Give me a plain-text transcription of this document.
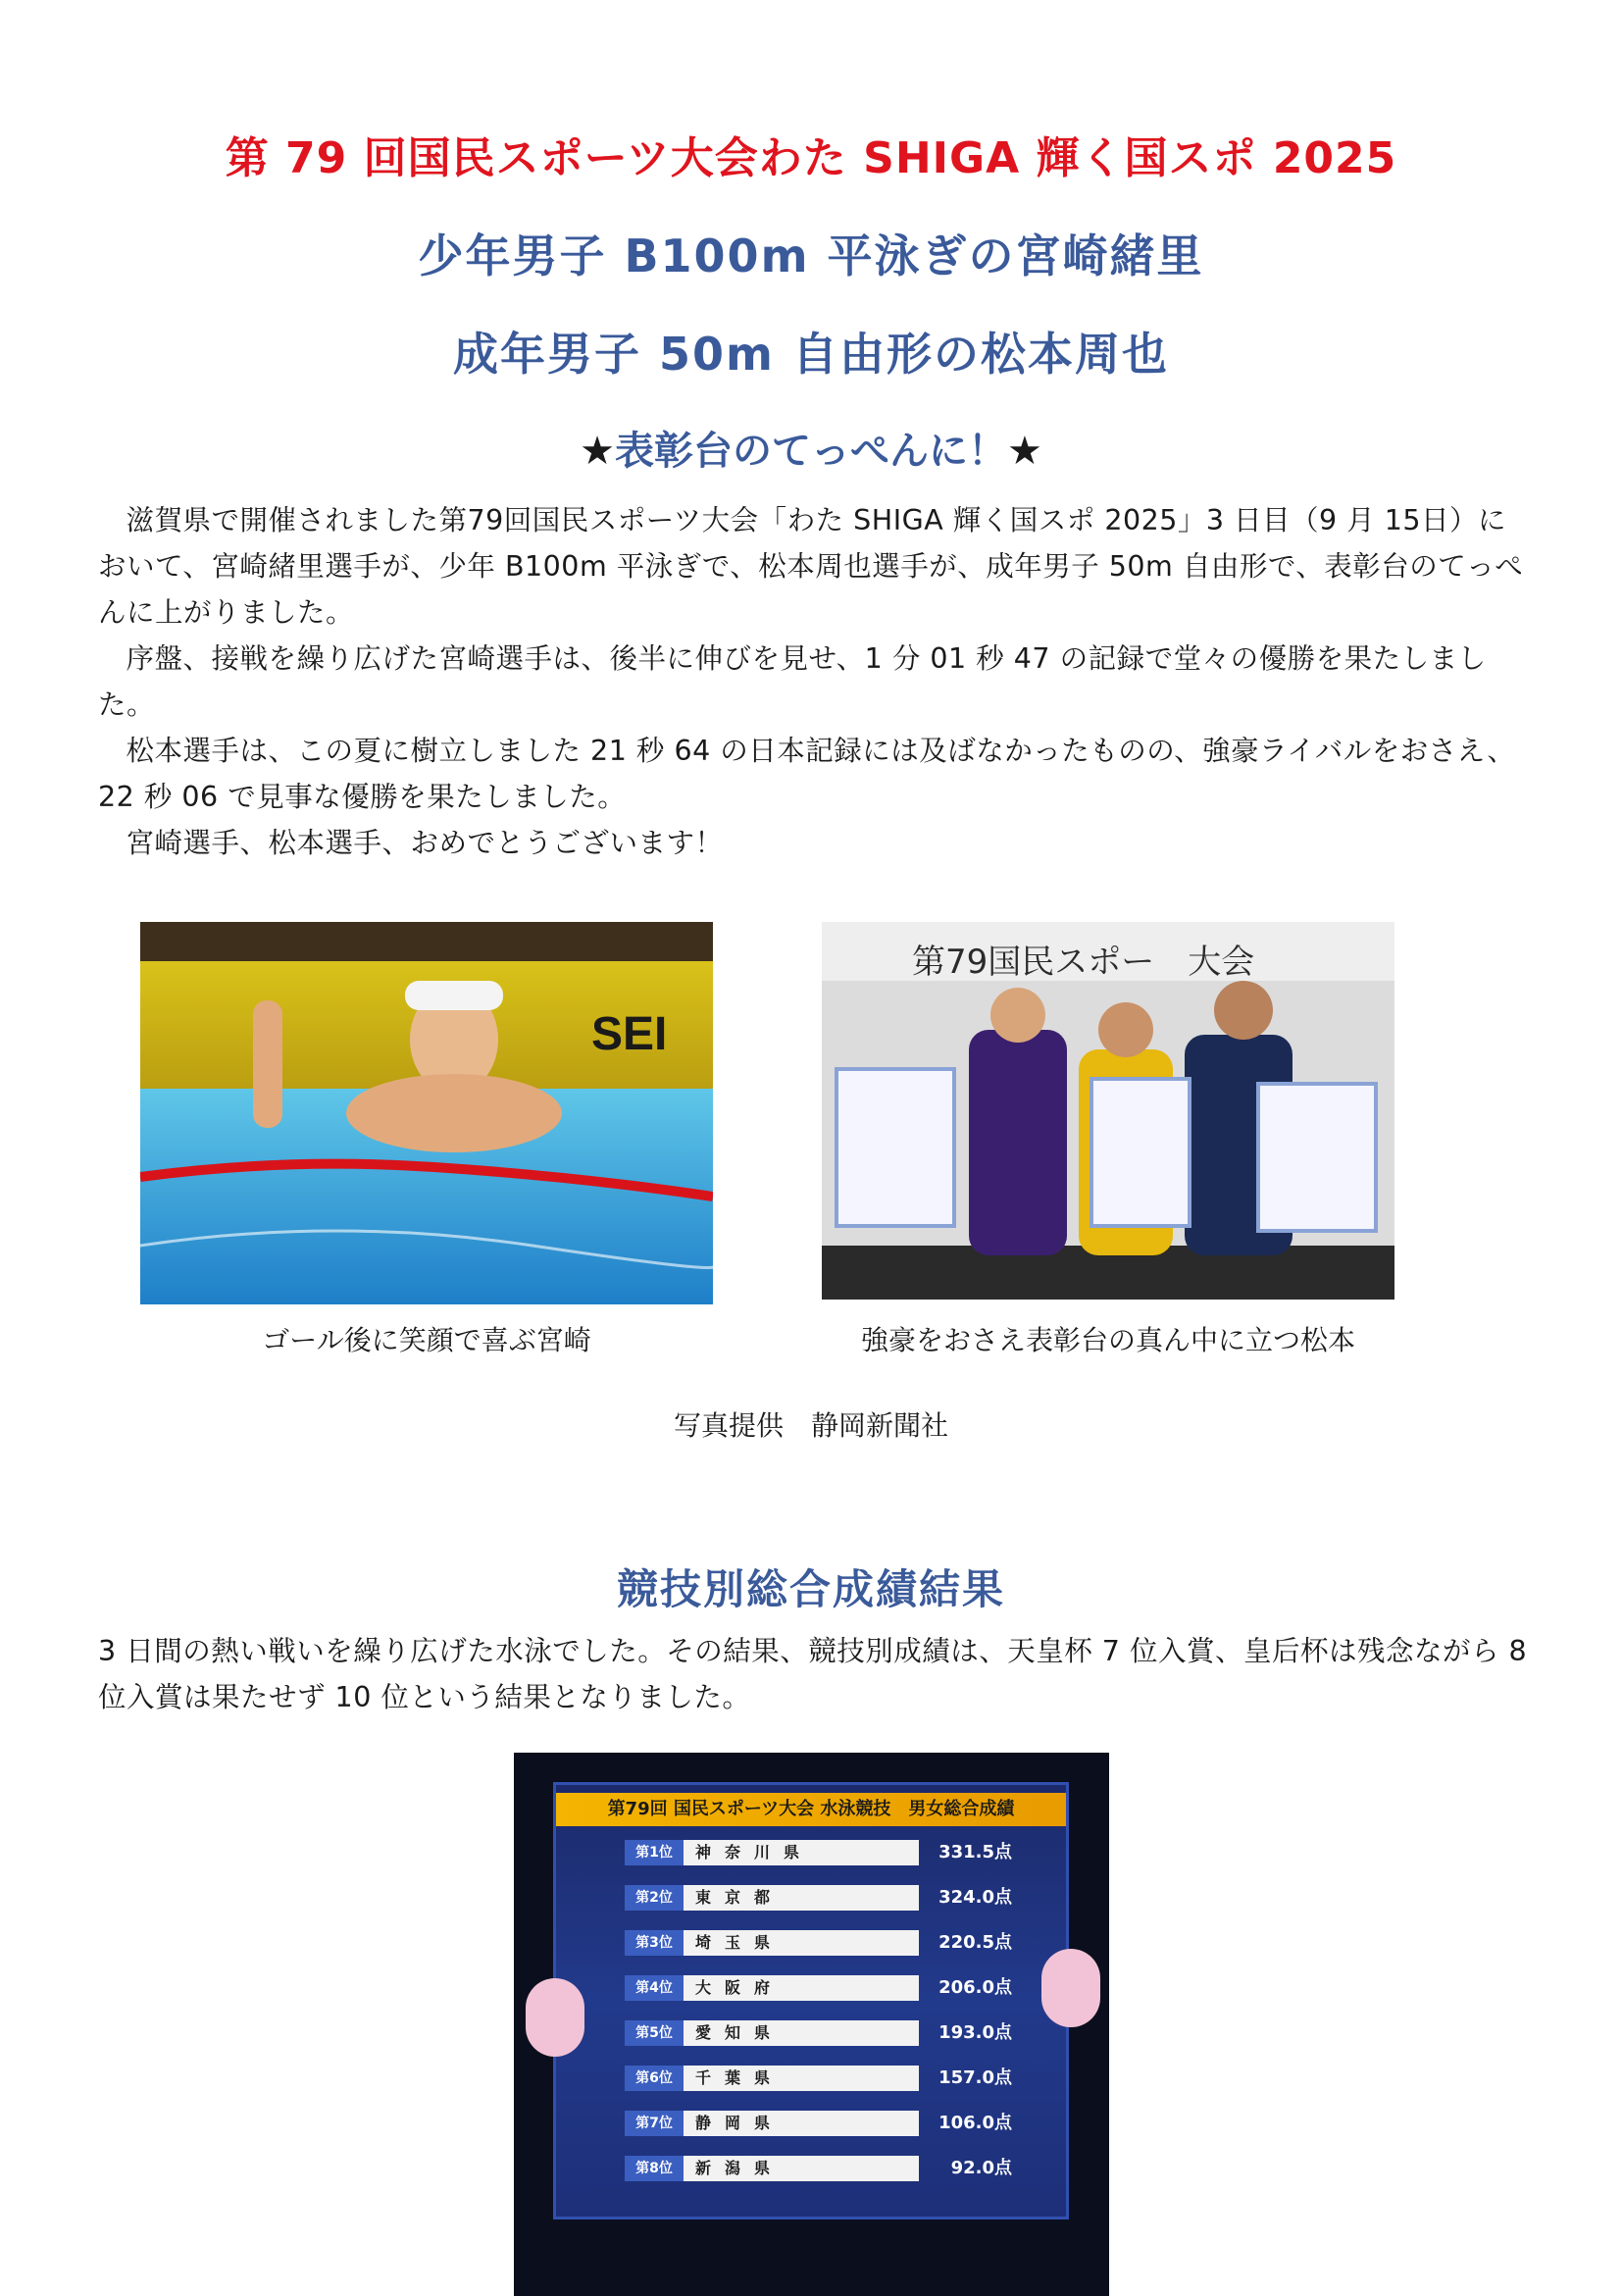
第 79 回国民スポーツ大会わた SHIGA 輝く国スポ 2025
少年男子 B100m 平泳ぎの宮崎緒里
成年男子 50m 自由形の松本周也
★表彰台のてっぺんに！★

滋賀県で開催されました第79回国民スポーツ大会「わた SHIGA 輝く国スポ 2025」3 日目（9 月 15日）において、宮崎緒里選手が、少年 B100m 平泳ぎで、松本周也選手が、成年男子 50m 自由形で、表彰台のてっぺんに上がりました。

序盤、接戦を繰り広げた宮崎選手は、後半に伸びを見せ、1 分 01 秒 47 の記録で堂々の優勝を果たしました。

松本選手は、この夏に樹立しました 21 秒 64 の日本記録には及ばなかったものの、強豪ライバルをおさえ、22 秒 06 で見事な優勝を果たしました。

宮崎選手、松本選手、おめでとうございます！

SEI
第79国民スポー　大会
ゴール後に笑顔で喜ぶ宮崎	強豪をおさえ表彰台の真ん中に立つ松本
写真提供　静岡新聞社
競技別総合成績結果

3 日間の熱い戦いを繰り広げた水泳でした。その結果、競技別成績は、天皇杯 7 位入賞、皇后杯は残念ながら 8 位入賞は果たせず 10 位という結果となりました。

第79回 国民スポーツ大会 水泳競技　男女総合成績
第1位	神奈川県	331.5点
第2位	東京都	324.0点
第3位	埼玉県	220.5点
第4位	大阪府	206.0点
第5位	愛知県	193.0点
第6位	千葉県	157.0点
第7位	静岡県	106.0点
第8位	新潟県	92.0点
